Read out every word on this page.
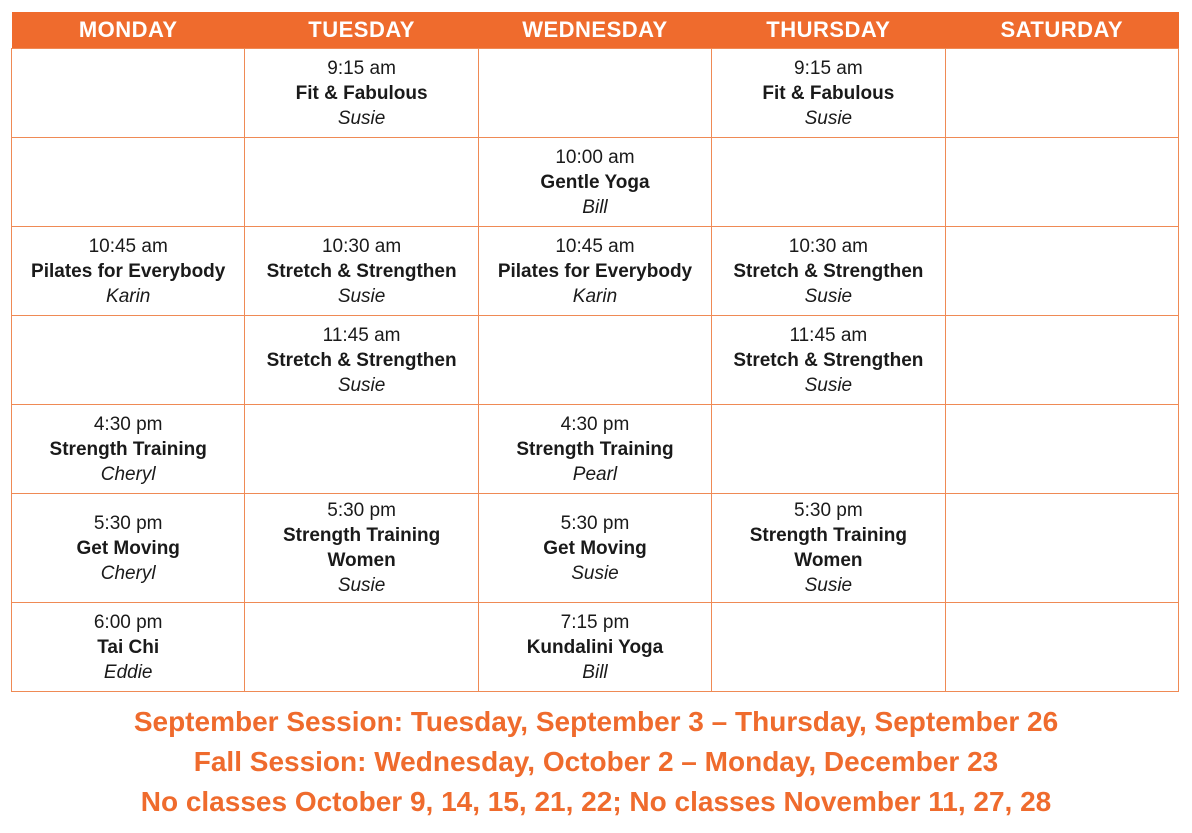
MONDAY	TUESDAY	WEDNESDAY	THURSDAY	SATURDAY

	9:15 am
Fit & Fabulous
Susie		9:15 am
Fit & Fabulous
Susie	

		10:00 am
Gentle Yoga
Bill		

10:45 am
Pilates for Everybody
Karin	10:30 am
Stretch & Strengthen
Susie	10:45 am
Pilates for Everybody
Karin	10:30 am
Stretch & Strengthen
Susie	

	11:45 am
Stretch & Strengthen
Susie		11:45 am
Stretch & Strengthen
Susie	

4:30 pm
Strength Training
Cheryl		4:30 pm
Strength Training
Pearl		

5:30 pm
Get Moving
Cheryl	5:30 pm
Strength Training
Women
Susie	5:30 pm
Get Moving
Susie	5:30 pm
Strength Training
Women
Susie	

6:00 pm
Tai Chi
Eddie		7:15 pm
Kundalini Yoga
Bill		

September Session: Tuesday, September 3 – Thursday, September 26
Fall Session: Wednesday, October 2 – Monday, December 23
No classes October 9, 14, 15, 21, 22; No classes November 11, 27, 28
